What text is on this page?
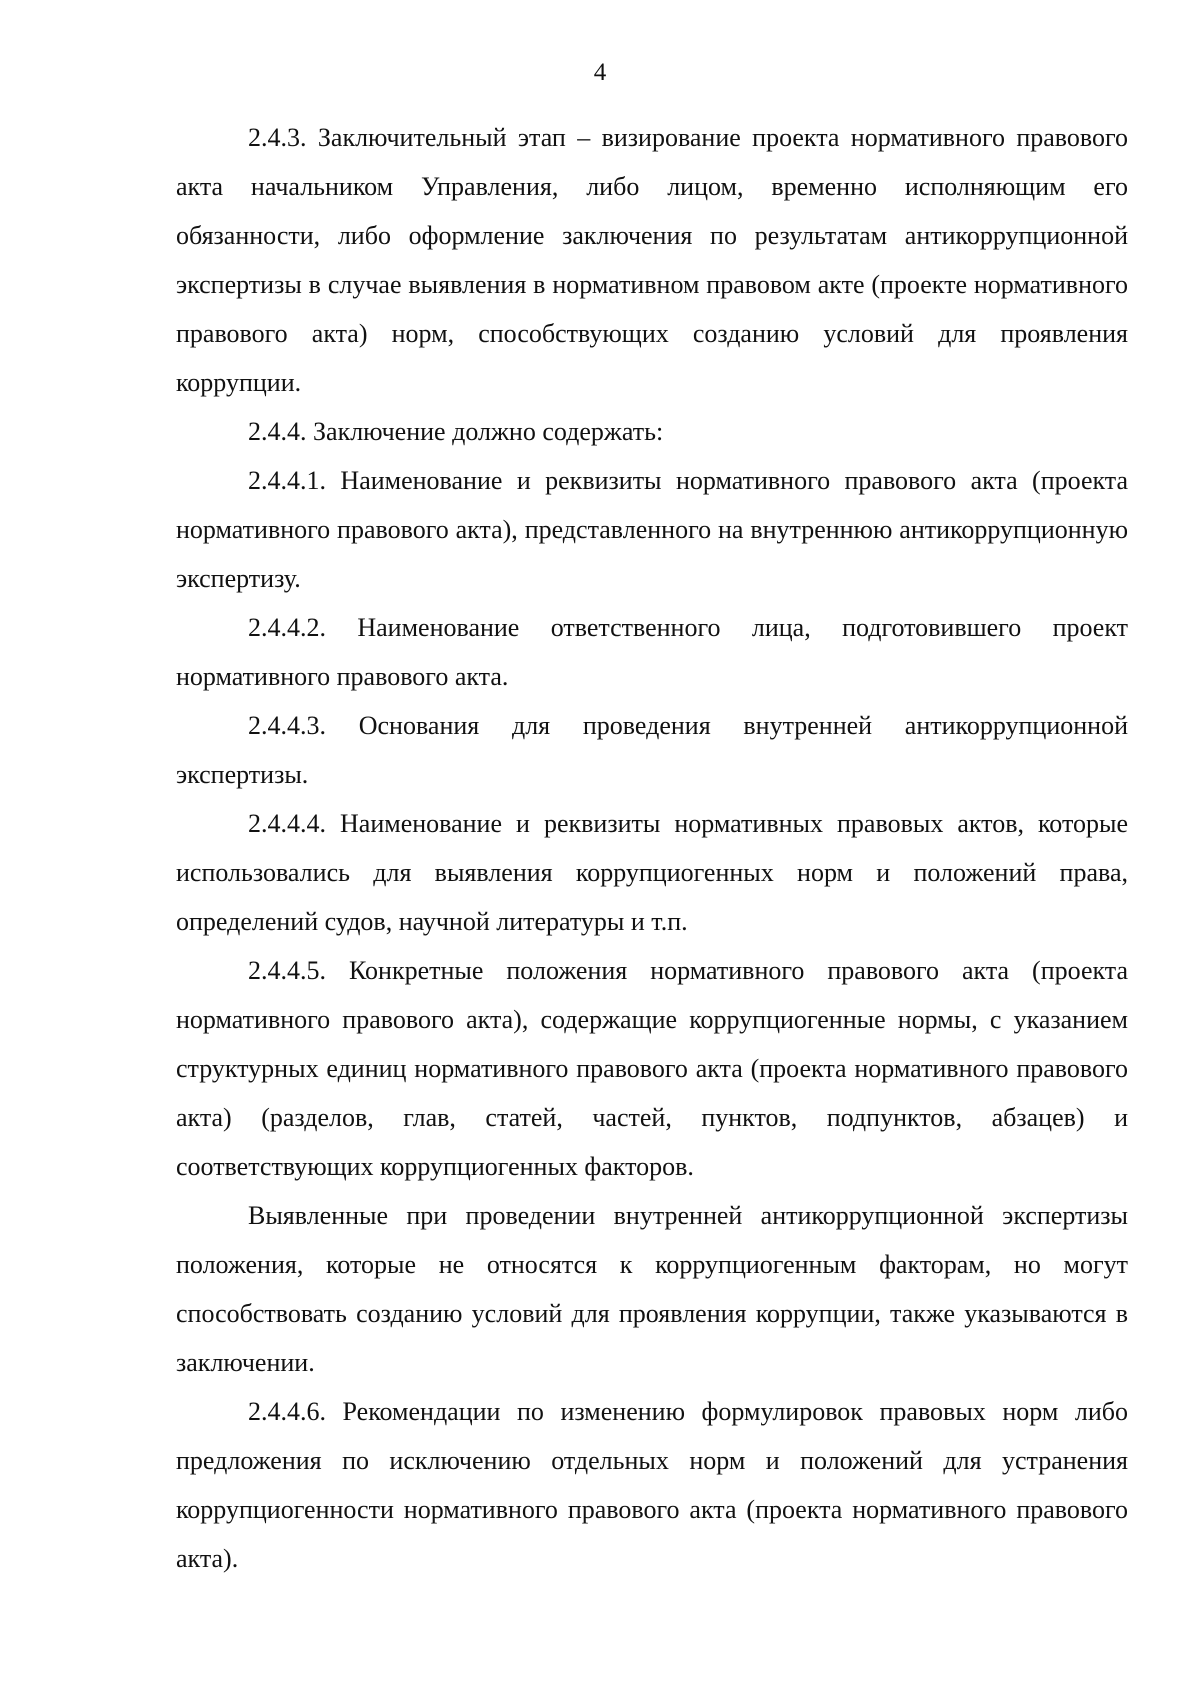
4

2.4.3. Заключительный этап – визирование проекта нормативного правового акта начальником Управления, либо лицом, временно исполняющим его обязанности, либо оформление заключения по результатам антикоррупционной экспертизы в случае выявления в нормативном правовом акте (проекте нормативного правового акта) норм, способствующих созданию условий для проявления коррупции.

2.4.4. Заключение должно содержать:

2.4.4.1. Наименование и реквизиты нормативного правового акта (проекта нормативного правового акта), представленного на внутреннюю антикоррупционную экспертизу.

2.4.4.2. Наименование ответственного лица, подготовившего проект нормативного правового акта.

2.4.4.3. Основания для проведения внутренней антикоррупционной экспертизы.

2.4.4.4. Наименование и реквизиты нормативных правовых актов, которые использовались для выявления коррупциогенных норм и положений права, определений судов, научной литературы и т.п.

2.4.4.5. Конкретные положения нормативного правового акта (проекта нормативного правового акта), содержащие коррупциогенные нормы, с указанием структурных единиц нормативного правового акта (проекта нормативного правового акта) (разделов, глав, статей, частей, пунктов, подпунктов, абзацев) и соответствующих коррупциогенных факторов.

Выявленные при проведении внутренней антикоррупционной экспертизы положения, которые не относятся к коррупциогенным факторам, но могут способствовать созданию условий для проявления коррупции, также указываются в заключении.

2.4.4.6. Рекомендации по изменению формулировок правовых норм либо предложения по исключению отдельных норм и положений для устранения коррупциогенности нормативного правового акта (проекта нормативного правового акта).
